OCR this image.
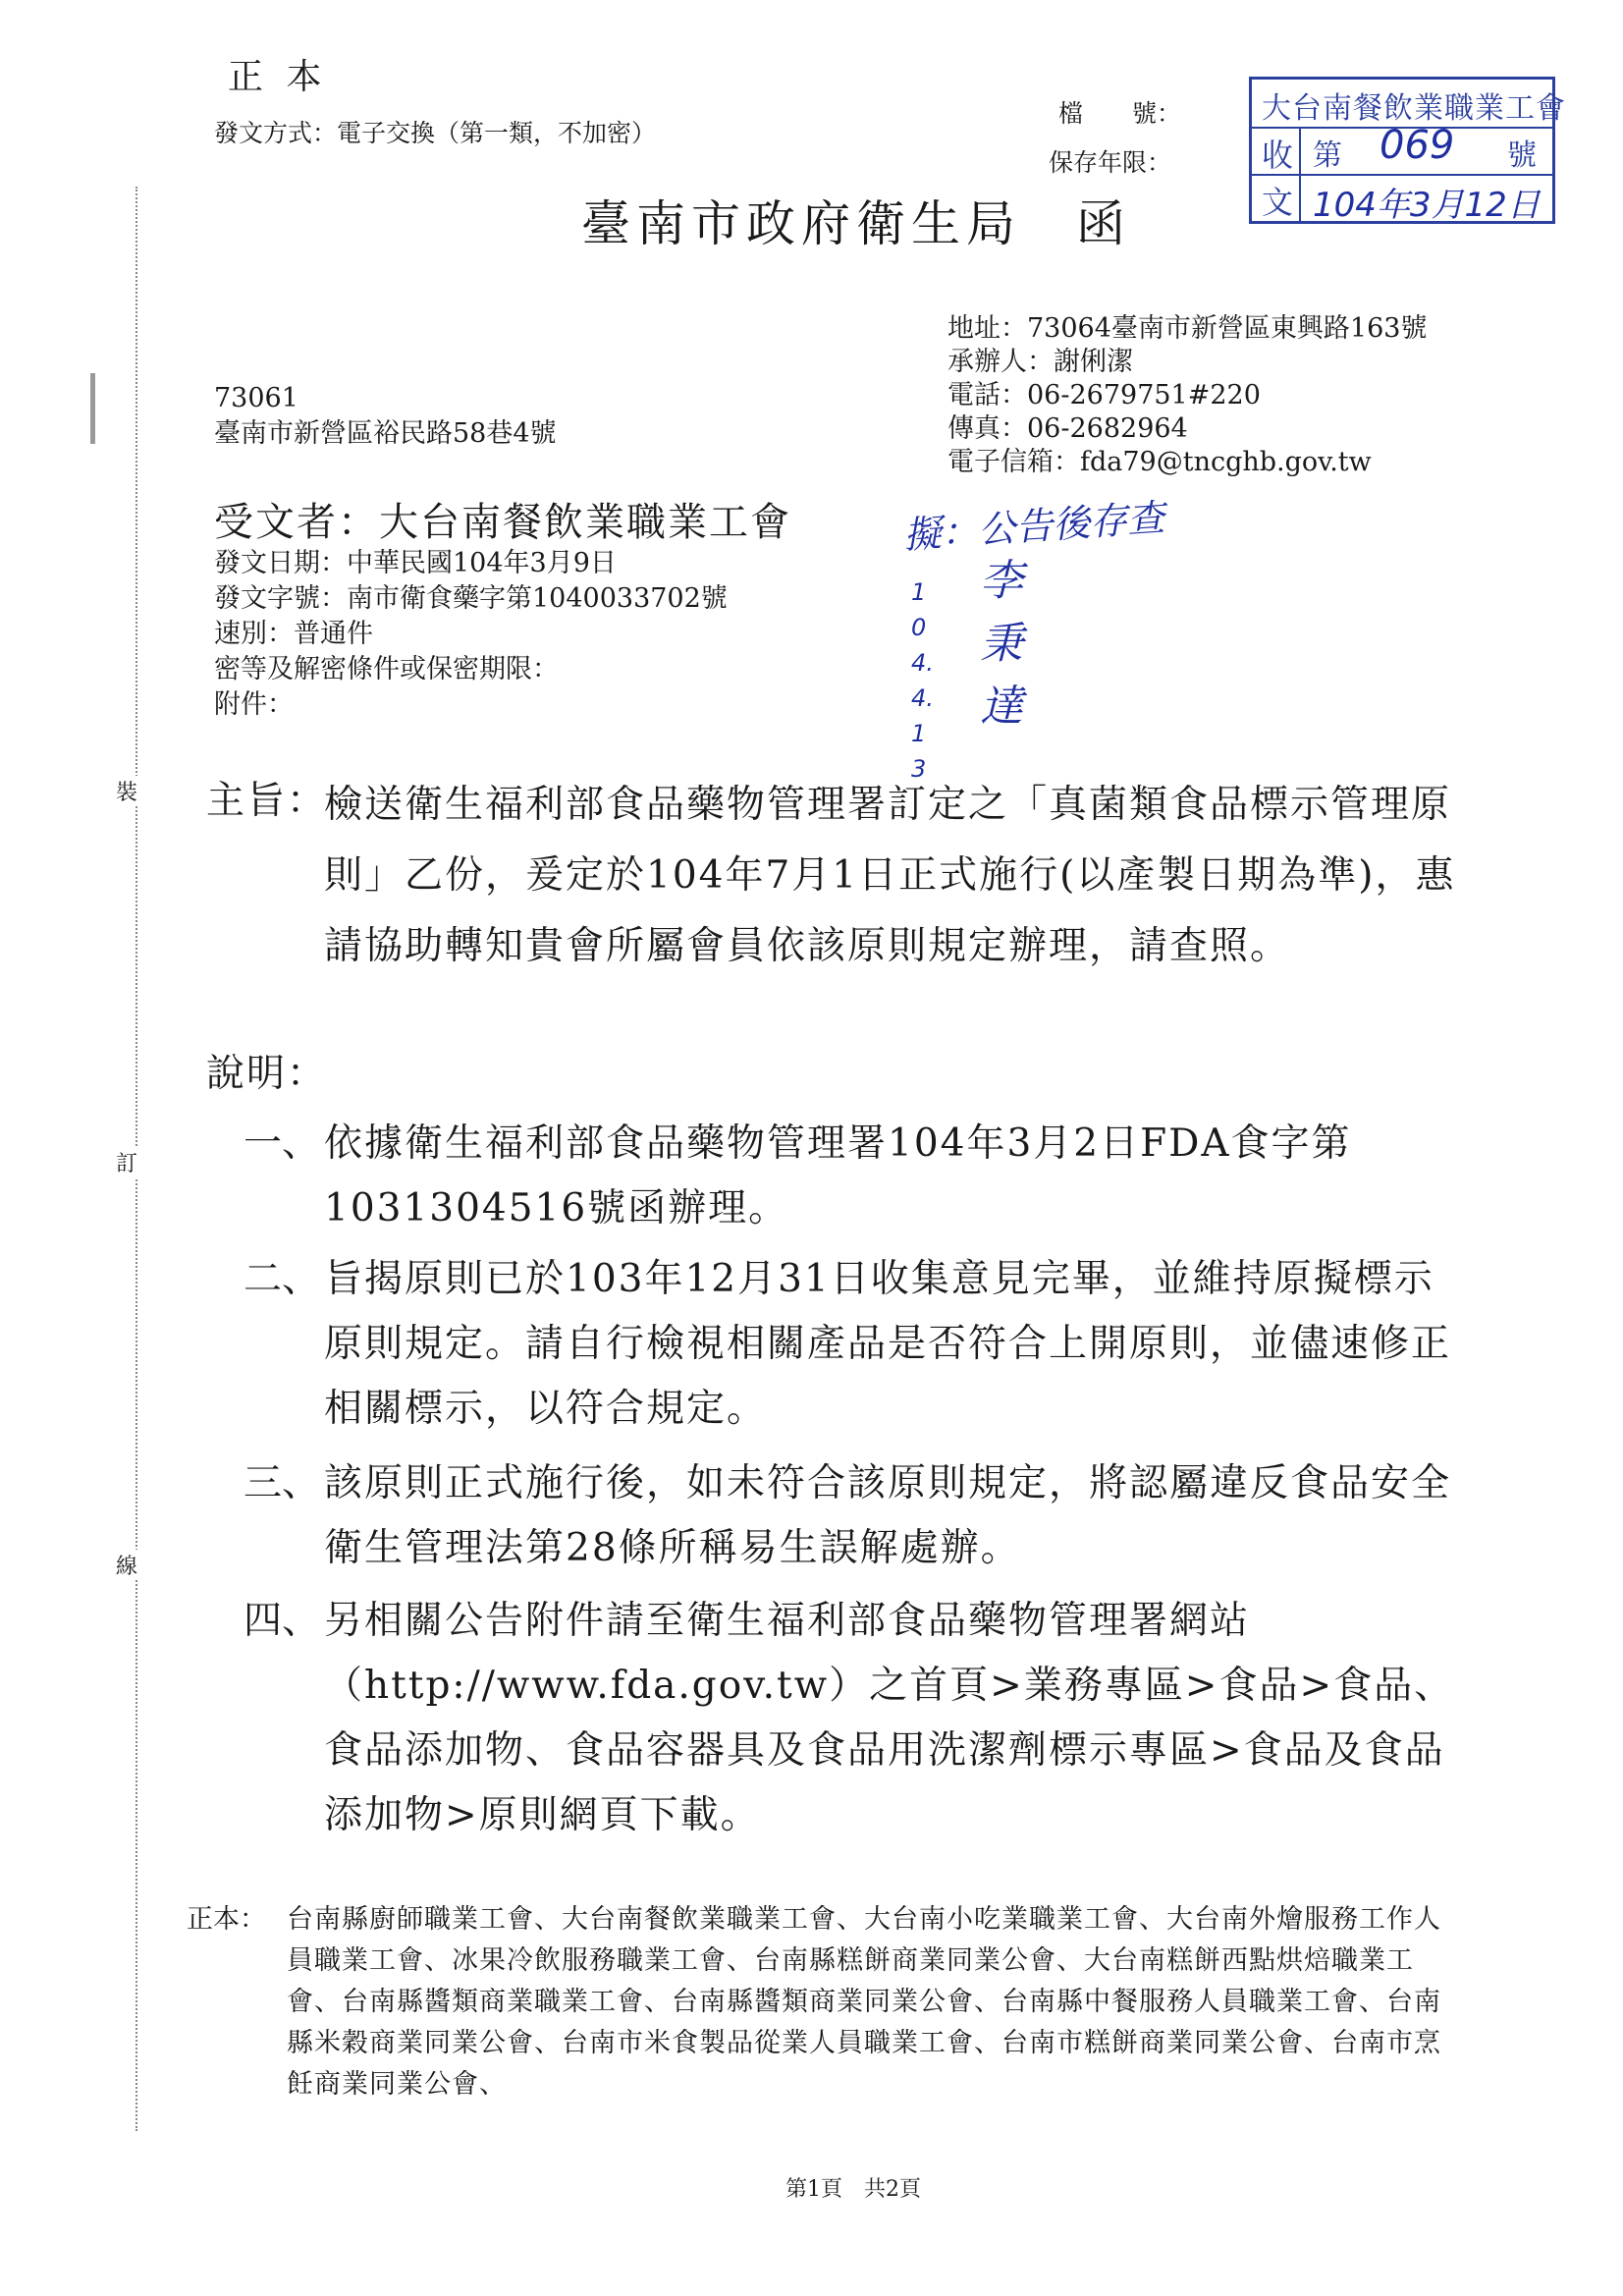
正 本
發文方式：電子交換（第一類，不加密）
檔　　號：
保存年限：
臺南市政府衛生局　函
大台南餐飲業職業工會
收
文
第 069 號
104年3月12日
地址：73064臺南市新營區東興路163號
承辦人：謝俐潔
電話：06-2679751#220
傳真：06-2682964
電子信箱：fda79@tncghb.gov.tw
73061
臺南市新營區裕民路58巷4號
裝
訂
線
受文者：大台南餐飲業職業工會
發文日期：中華民國104年3月9日
發文字號：南市衛食藥字第1040033702號
速別：普通件
密等及解密條件或保密期限：
附件：
擬：公告後存查
104.4.13
李秉達
主旨：
檢送衛生福利部食品藥物管理署訂定之「真菌類食品標示管理原則」乙份，爰定於104年7月1日正式施行(以產製日期為準)，惠請協助轉知貴會所屬會員依該原則規定辦理，請查照。
說明：
一、 依據衛生福利部食品藥物管理署104年3月2日FDA食字第1031304516號函辦理。
二、 旨揭原則已於103年12月31日收集意見完畢，並維持原擬標示原則規定。請自行檢視相關產品是否符合上開原則，並儘速修正相關標示，以符合規定。
三、 該原則正式施行後，如未符合該原則規定，將認屬違反食品安全衛生管理法第28條所稱易生誤解處辦。
四、 另相關公告附件請至衛生福利部食品藥物管理署網站（http://www.fda.gov.tw）之首頁>業務專區>食品>食品、食品添加物、食品容器具及食品用洗潔劑標示專區>食品及食品添加物>原則網頁下載。
正本： 台南縣廚師職業工會、大台南餐飲業職業工會、大台南小吃業職業工會、大台南外燴服務工作人員職業工會、冰果冷飲服務職業工會、台南縣糕餅商業同業公會、大台南糕餅西點烘焙職業工會、台南縣醬類商業職業工會、台南縣醬類商業同業公會、台南縣中餐服務人員職業工會、台南縣米穀商業同業公會、台南市米食製品從業人員職業工會、台南市糕餅商業同業公會、台南市烹飪商業同業公會、
第1頁　共2頁
